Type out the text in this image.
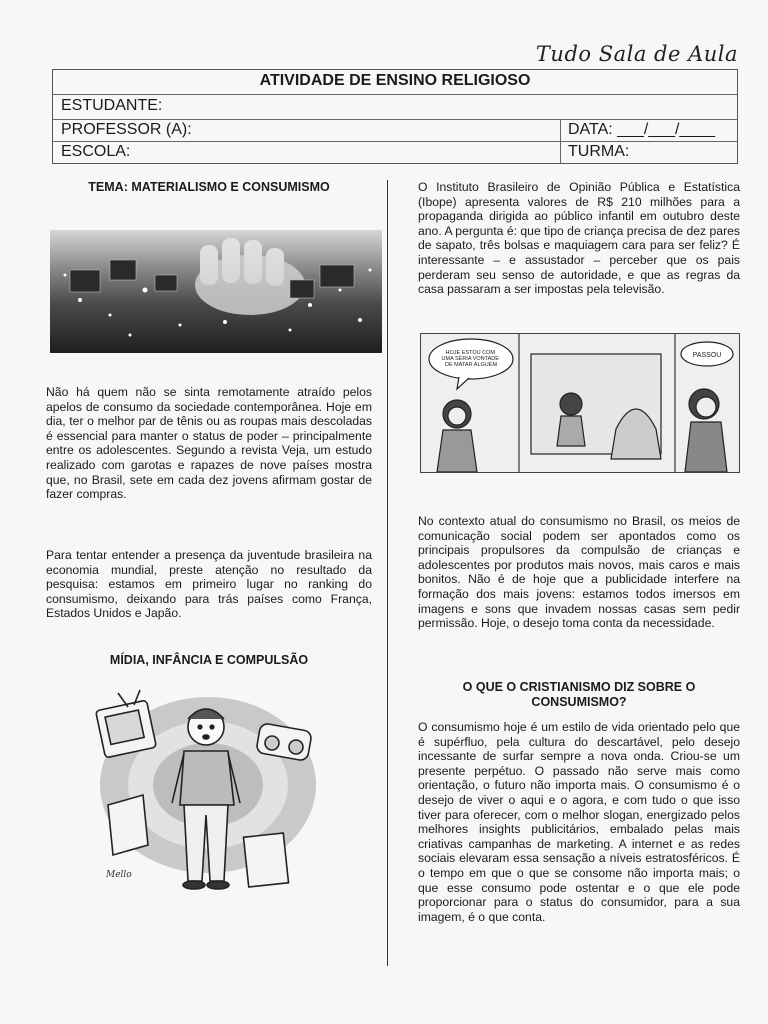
Tudo Sala de Aula
ATIVIDADE DE ENSINO RELIGIOSO
ESTUDANTE:
PROFESSOR (A):	DATA: ___/___/____
ESCOLA:	TURMA:

TEMA: MATERIALISMO E CONSUMISMO

Não há quem não se sinta remotamente atraído pelos apelos de consumo da sociedade contemporânea. Hoje em dia, ter o melhor par de tênis ou as roupas mais descoladas é essencial para manter o status de poder – principalmente entre os adolescentes. Segundo a revista Veja, um estudo realizado com garotas e rapazes de nove países mostra que, no Brasil, sete em cada dez jovens afirmam gostar de fazer compras.

Para tentar entender a presença da juventude brasileira na economia mundial, preste atenção no resultado da pesquisa: estamos em primeiro lugar no ranking do consumismo, deixando para trás países como França, Estados Unidos e Japão.

MÍDIA, INFÂNCIA E COMPULSÃO

Mello

O Instituto Brasileiro de Opinião Pública e Estatística (Ibope) apresenta valores de R$ 210 milhões para a propaganda dirigida ao público infantil em outubro deste ano. A pergunta é: que tipo de criança precisa de dez pares de sapato, três bolsas e maquiagem cara para ser feliz? É interessante – e assustador – perceber que os pais perderam seu senso de autoridade, e que as regras da casa passaram a ser impostas pela televisão.

HOJE ESTOU COM UMA SÉRIA VONTADE DE MATAR ALGUÉM
PASSOU

No contexto atual do consumismo no Brasil, os meios de comunicação social podem ser apontados como os principais propulsores da compulsão de crianças e adolescentes por produtos mais novos, mais caros e mais bonitos. Não é de hoje que a publicidade interfere na formação dos mais jovens: estamos todos imersos em imagens e sons que invadem nossas casas sem pedir permissão. Hoje, o desejo toma conta da necessidade.

O QUE O CRISTIANISMO DIZ SOBRE O CONSUMISMO?

O consumismo hoje é um estilo de vida orientado pelo que é supérfluo, pela cultura do descartável, pelo desejo incessante de surfar sempre a nova onda. Criou-se um presente perpétuo. O passado não serve mais como orientação, o futuro não importa mais. O consumismo é o desejo de viver o aqui e o agora, e com tudo o que isso tiver para oferecer, com o melhor slogan, energizado pelos melhores insights publicitários, embalado pelas mais criativas campanhas de marketing. A internet e as redes sociais elevaram essa sensação a níveis estratosféricos. É o tempo em que o que se consome não importa mais; o que esse consumo pode ostentar e o que ele pode proporcionar para o status do consumidor, para a sua imagem, é o que conta.
